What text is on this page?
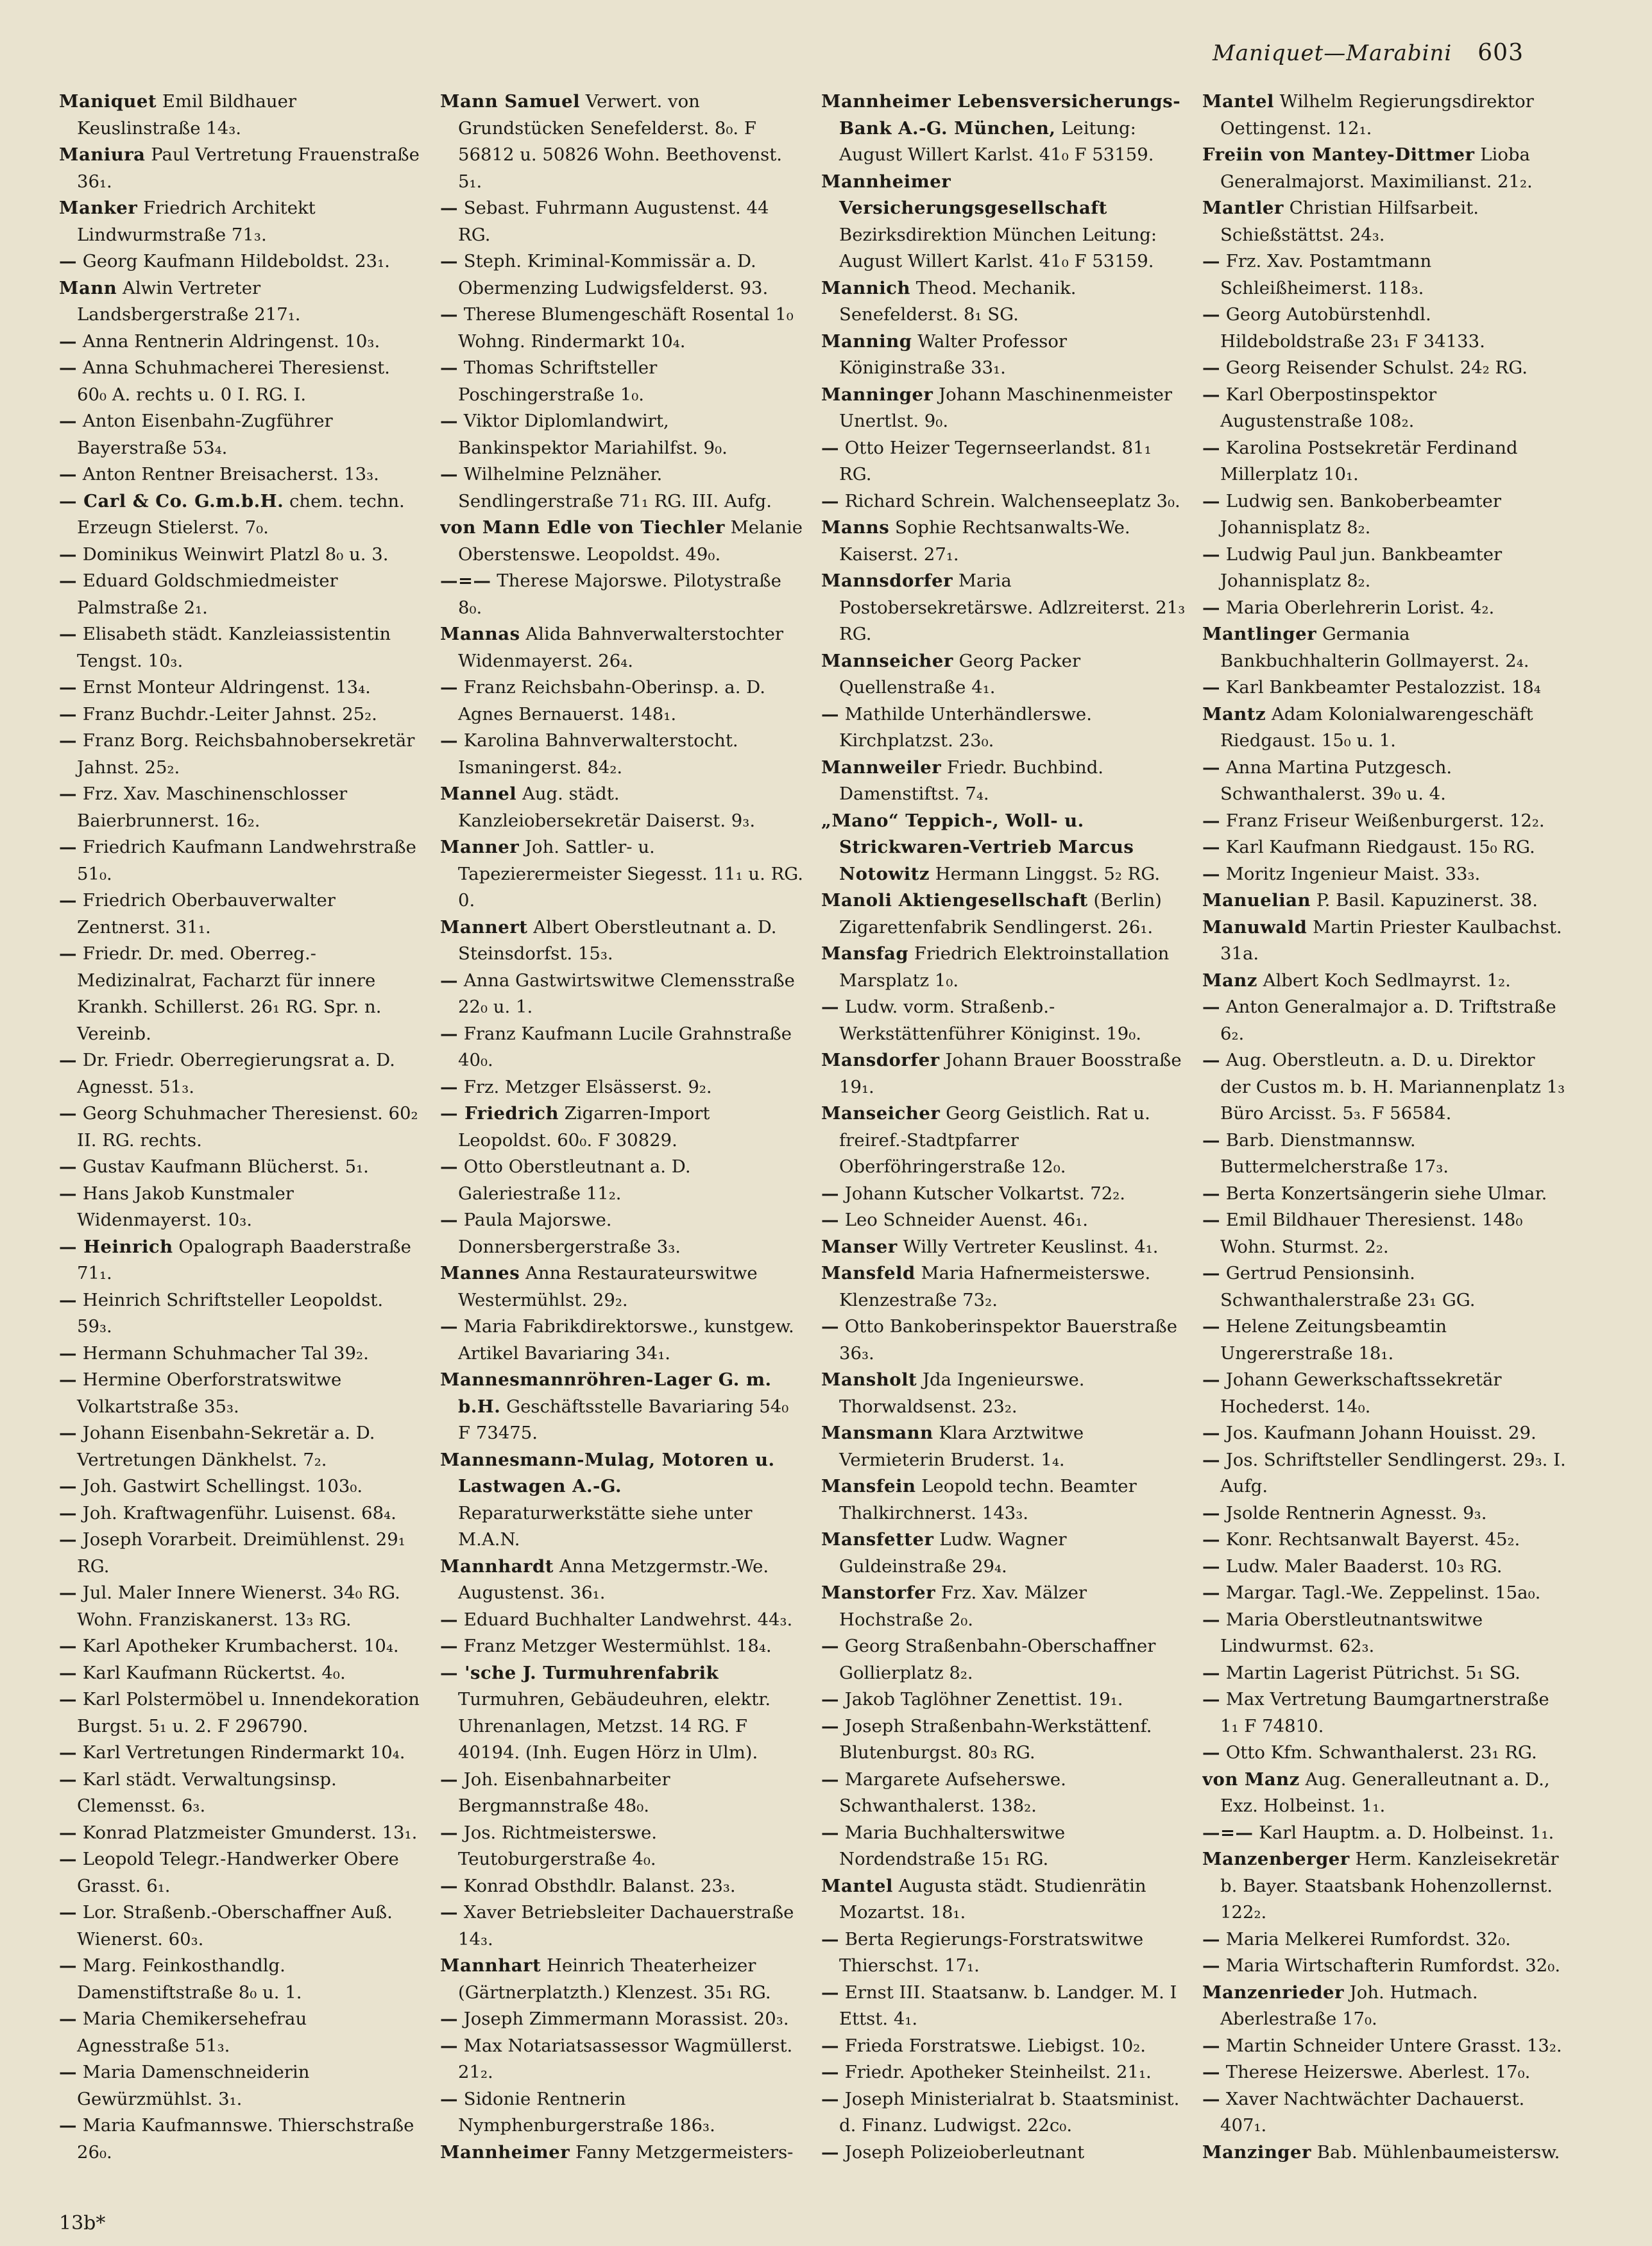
Maniquet—Marabini 603
Maniquet Emil Bildhauer Keuslinstraße 14₃.
Maniura Paul Vertretung Frauenstraße 36₁.
Manker Friedrich Architekt Lindwurmstraße 71₃.
— Georg Kaufmann Hildeboldst. 23₁.
Mann Alwin Vertreter Landsbergerstraße 217₁.
— Anna Rentnerin Aldringenst. 10₃.
— Anna Schuhmacherei Theresienst. 60₀ A. rechts u. 0 I. RG. I.
— Anton Eisenbahn-Zugführer Bayerstraße 53₄.
— Anton Rentner Breisacherst. 13₃.
— Carl & Co. G.m.b.H. chem. techn. Erzeugn Stielerst. 7₀.
— Dominikus Weinwirt Platzl 8₀ u. 3.
— Eduard Goldschmiedmeister Palmstraße 2₁.
— Elisabeth städt. Kanzleiassistentin Tengst. 10₃.
— Ernst Monteur Aldringenst. 13₄.
— Franz Buchdr.-Leiter Jahnst. 25₂.
— Franz Borg. Reichsbahnobersekretär Jahnst. 25₂.
— Frz. Xav. Maschinenschlosser Baierbrunnerst. 16₂.
— Friedrich Kaufmann Landwehrstraße 51₀.
— Friedrich Oberbauverwalter Zentnerst. 31₁.
— Friedr. Dr. med. Oberreg.-Medizinalrat, Facharzt für innere Krankh. Schillerst. 26₁ RG. Spr. n. Vereinb.
— Dr. Friedr. Oberregierungsrat a. D. Agnesst. 51₃.
— Georg Schuhmacher Theresienst. 60₂ II. RG. rechts.
— Gustav Kaufmann Blücherst. 5₁.
— Hans Jakob Kunstmaler Widenmayerst. 10₃.
— Heinrich Opalograph Baaderstraße 71₁.
— Heinrich Schriftsteller Leopoldst. 59₃.
— Hermann Schuhmacher Tal 39₂.
— Hermine Oberforstratswitwe Volkartstraße 35₃.
— Johann Eisenbahn-Sekretär a. D. Vertretungen Dänkhelst. 7₂.
— Joh. Gastwirt Schellingst. 103₀.
— Joh. Kraftwagenführ. Luisenst. 68₄.
— Joseph Vorarbeit. Dreimühlenst. 29₁ RG.
— Jul. Maler Innere Wienerst. 34₀ RG. Wohn. Franziskanerst. 13₃ RG.
— Karl Apotheker Krumbacherst. 10₄.
— Karl Kaufmann Rückertst. 4₀.
— Karl Polstermöbel u. Innendekoration Burgst. 5₁ u. 2. F 296790.
— Karl Vertretungen Rindermarkt 10₄.
— Karl städt. Verwaltungsinsp. Clemensst. 6₃.
— Konrad Platzmeister Gmunderst. 13₁.
— Leopold Telegr.-Handwerker Obere Grasst. 6₁.
— Lor. Straßenb.-Oberschaffner Auß. Wienerst. 60₃.
— Marg. Feinkosthandlg. Damenstiftstraße 8₀ u. 1.
— Maria Chemikersehefrau Agnesstraße 51₃.
— Maria Damenschneiderin Gewürzmühlst. 3₁.
— Maria Kaufmannswe. Thierschstraße 26₀.
Mann Samuel Verwert. von Grundstücken Senefelderst. 8₀. F 56812 u. 50826 Wohn. Beethovenst. 5₁.
— Sebast. Fuhrmann Augustenst. 44 RG.
— Steph. Kriminal-Kommissär a. D. Obermenzing Ludwigsfelderst. 93.
— Therese Blumengeschäft Rosental 1₀ Wohng. Rindermarkt 10₄.
— Thomas Schriftsteller Poschingerstraße 1₀.
— Viktor Diplomlandwirt, Bankinspektor Mariahilfst. 9₀.
— Wilhelmine Pelznäher. Sendlingerstraße 71₁ RG. III. Aufg.
von Mann Edle von Tiechler Melanie Oberstenswe. Leopoldst. 49₀.
—=— Therese Majorswe. Pilotystraße 8₀.
Mannas Alida Bahnverwalterstochter Widenmayerst. 26₄.
— Franz Reichsbahn-Oberinsp. a. D. Agnes Bernauerst. 148₁.
— Karolina Bahnverwalterstocht. Ismaningerst. 84₂.
Mannel Aug. städt. Kanzleiobersekretär Daiserst. 9₃.
Manner Joh. Sattler- u. Tapezierermeister Siegesst. 11₁ u. RG. 0.
Mannert Albert Oberstleutnant a. D. Steinsdorfst. 15₃.
— Anna Gastwirtswitwe Clemensstraße 22₀ u. 1.
— Franz Kaufmann Lucile Grahnstraße 40₀.
— Frz. Metzger Elsässerst. 9₂.
— Friedrich Zigarren-Import Leopoldst. 60₀. F 30829.
— Otto Oberstleutnant a. D. Galeriestraße 11₂.
— Paula Majorswe. Donnersbergerstraße 3₃.
Mannes Anna Restaurateurswitwe Westermühlst. 29₂.
— Maria Fabrikdirektorswe., kunstgew. Artikel Bavariaring 34₁.
Mannesmannröhren-Lager G. m. b.H. Geschäftsstelle Bavariaring 54₀ F 73475.
Mannesmann-Mulag, Motoren u. Lastwagen A.-G. Reparaturwerkstätte siehe unter M.A.N.
Mannhardt Anna Metzgermstr.-We. Augustenst. 36₁.
— Eduard Buchhalter Landwehrst. 44₃.
— Franz Metzger Westermühlst. 18₄.
— 'sche J. Turmuhrenfabrik Turmuhren, Gebäudeuhren, elektr. Uhrenanlagen, Metzst. 14 RG. F 40194. (Inh. Eugen Hörz in Ulm).
— Joh. Eisenbahnarbeiter Bergmannstraße 48₀.
— Jos. Richtmeisterswe. Teutoburgerstraße 4₀.
— Konrad Obsthdlr. Balanst. 23₃.
— Xaver Betriebsleiter Dachauerstraße 14₃.
Mannhart Heinrich Theaterheizer (Gärtnerplatzth.) Klenzest. 35₁ RG.
— Joseph Zimmermann Morassist. 20₃.
— Max Notariatsassessor Wagmüllerst. 21₂.
— Sidonie Rentnerin Nymphenburgerstraße 186₃.
Mannheimer Fanny Metzgermeisters-
Mannheimer Lebensversicherungs-Bank A.-G. München, Leitung: August Willert Karlst. 41₀ F 53159.
Mannheimer Versicherungsgesellschaft Bezirksdirektion München Leitung: August Willert Karlst. 41₀ F 53159.
Mannich Theod. Mechanik. Senefelderst. 8₁ SG.
Manning Walter Professor Königinstraße 33₁.
Manninger Johann Maschinenmeister Unertlst. 9₀.
— Otto Heizer Tegernseerlandst. 81₁ RG.
— Richard Schrein. Walchenseeplatz 3₀.
Manns Sophie Rechtsanwalts-We. Kaiserst. 27₁.
Mannsdorfer Maria Postobersekretärswe. Adlzreiterst. 21₃ RG.
Mannseicher Georg Packer Quellenstraße 4₁.
— Mathilde Unterhändlerswe. Kirchplatzst. 23₀.
Mannweiler Friedr. Buchbind. Damenstiftst. 7₄.
„Mano“ Teppich-, Woll- u. Strickwaren-Vertrieb Marcus Notowitz Hermann Linggst. 5₂ RG.
Manoli Aktiengesellschaft (Berlin) Zigarettenfabrik Sendlingerst. 26₁.
Mansfag Friedrich Elektroinstallation Marsplatz 1₀.
— Ludw. vorm. Straßenb.-Werkstättenführer Königinst. 19₀.
Mansdorfer Johann Brauer Boosstraße 19₁.
Manseicher Georg Geistlich. Rat u. freiref.-Stadtpfarrer Oberföhringerstraße 12₀.
— Johann Kutscher Volkartst. 72₂.
— Leo Schneider Auenst. 46₁.
Manser Willy Vertreter Keuslinst. 4₁.
Mansfeld Maria Hafnermeisterswe. Klenzestraße 73₂.
— Otto Bankoberinspektor Bauerstraße 36₃.
Mansholt Jda Ingenieurswe. Thorwaldsenst. 23₂.
Mansmann Klara Arztwitwe Vermieterin Bruderst. 1₄.
Mansfein Leopold techn. Beamter Thalkirchnerst. 143₃.
Mansfetter Ludw. Wagner Guldeinstraße 29₄.
Manstorfer Frz. Xav. Mälzer Hochstraße 2₀.
— Georg Straßenbahn-Oberschaffner Gollierplatz 8₂.
— Jakob Taglöhner Zenettist. 19₁.
— Joseph Straßenbahn-Werkstättenf. Blutenburgst. 80₃ RG.
— Margarete Aufseherswe. Schwanthalerst. 138₂.
— Maria Buchhalterswitwe Nordendstraße 15₁ RG.
Mantel Augusta städt. Studienrätin Mozartst. 18₁.
— Berta Regierungs-Forstratswitwe Thierschst. 17₁.
— Ernst III. Staatsanw. b. Landger. M. I Ettst. 4₁.
— Frieda Forstratswe. Liebigst. 10₂.
— Friedr. Apotheker Steinheilst. 21₁.
— Joseph Ministerialrat b. Staatsminist. d. Finanz. Ludwigst. 22c₀.
— Joseph Polizeioberleutnant
Mantel Wilhelm Regierungsdirektor Oettingenst. 12₁.
Freiin von Mantey-Dittmer Lioba Generalmajorst. Maximilianst. 21₂.
Mantler Christian Hilfsarbeit. Schießstättst. 24₃.
— Frz. Xav. Postamtmann Schleißheimerst. 118₃.
— Georg Autobürstenhdl. Hildeboldstraße 23₁ F 34133.
— Georg Reisender Schulst. 24₂ RG.
— Karl Oberpostinspektor Augustenstraße 108₂.
— Karolina Postsekretär Ferdinand Millerplatz 10₁.
— Ludwig sen. Bankoberbeamter Johannisplatz 8₂.
— Ludwig Paul jun. Bankbeamter Johannisplatz 8₂.
— Maria Oberlehrerin Lorist. 4₂.
Mantlinger Germania Bankbuchhalterin Gollmayerst. 2₄.
— Karl Bankbeamter Pestalozzist. 18₄
Mantz Adam Kolonialwarengeschäft Riedgaust. 15₀ u. 1.
— Anna Martina Putzgesch. Schwanthalerst. 39₀ u. 4.
— Franz Friseur Weißenburgerst. 12₂.
— Karl Kaufmann Riedgaust. 15₀ RG.
— Moritz Ingenieur Maist. 33₃.
Manuelian P. Basil. Kapuzinerst. 38.
Manuwald Martin Priester Kaulbachst. 31a.
Manz Albert Koch Sedlmayrst. 1₂.
— Anton Generalmajor a. D. Triftstraße 6₂.
— Aug. Oberstleutn. a. D. u. Direktor der Custos m. b. H. Mariannenplatz 1₃ Büro Arcisst. 5₃. F 56584.
— Barb. Dienstmannsw. Buttermelcherstraße 17₃.
— Berta Konzertsängerin siehe Ulmar.
— Emil Bildhauer Theresienst. 148₀ Wohn. Sturmst. 2₂.
— Gertrud Pensionsinh. Schwanthalerstraße 23₁ GG.
— Helene Zeitungsbeamtin Ungererstraße 18₁.
— Johann Gewerkschaftssekretär Hochederst. 14₀.
— Jos. Kaufmann Johann Houisst. 29.
— Jos. Schriftsteller Sendlingerst. 29₃. I. Aufg.
— Jsolde Rentnerin Agnesst. 9₃.
— Konr. Rechtsanwalt Bayerst. 45₂.
— Ludw. Maler Baaderst. 10₃ RG.
— Margar. Tagl.-We. Zeppelinst. 15a₀.
— Maria Oberstleutnantswitwe Lindwurmst. 62₃.
— Martin Lagerist Pütrichst. 5₁ SG.
— Max Vertretung Baumgartnerstraße 1₁ F 74810.
— Otto Kfm. Schwanthalerst. 23₁ RG.
von Manz Aug. Generalleutnant a. D., Exz. Holbeinst. 1₁.
—=— Karl Hauptm. a. D. Holbeinst. 1₁.
Manzenberger Herm. Kanzleisekretär b. Bayer. Staatsbank Hohenzollernst. 122₂.
— Maria Melkerei Rumfordst. 32₀.
— Maria Wirtschafterin Rumfordst. 32₀.
Manzenrieder Joh. Hutmach. Aberlestraße 17₀.
— Martin Schneider Untere Grasst. 13₂.
— Therese Heizerswe. Aberlest. 17₀.
— Xaver Nachtwächter Dachauerst. 407₁.
Manzinger Bab. Mühlenbaumeistersw.
13b*
